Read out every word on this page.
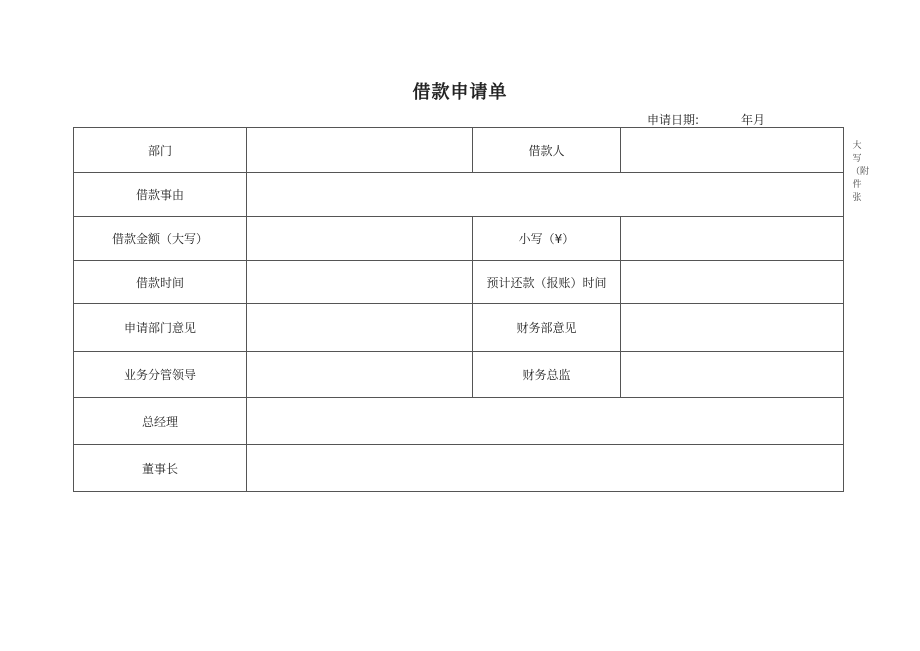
借款申请单
申请日期:	年月
部门		借款人	
借款事由			
借款金额（大写）		小写（¥）	
借款时间		预计还款（报账）时间	
申请部门意见		财务部意见	
业务分管领导		财务总监	
总经理			
董事长			
大写（附件张
